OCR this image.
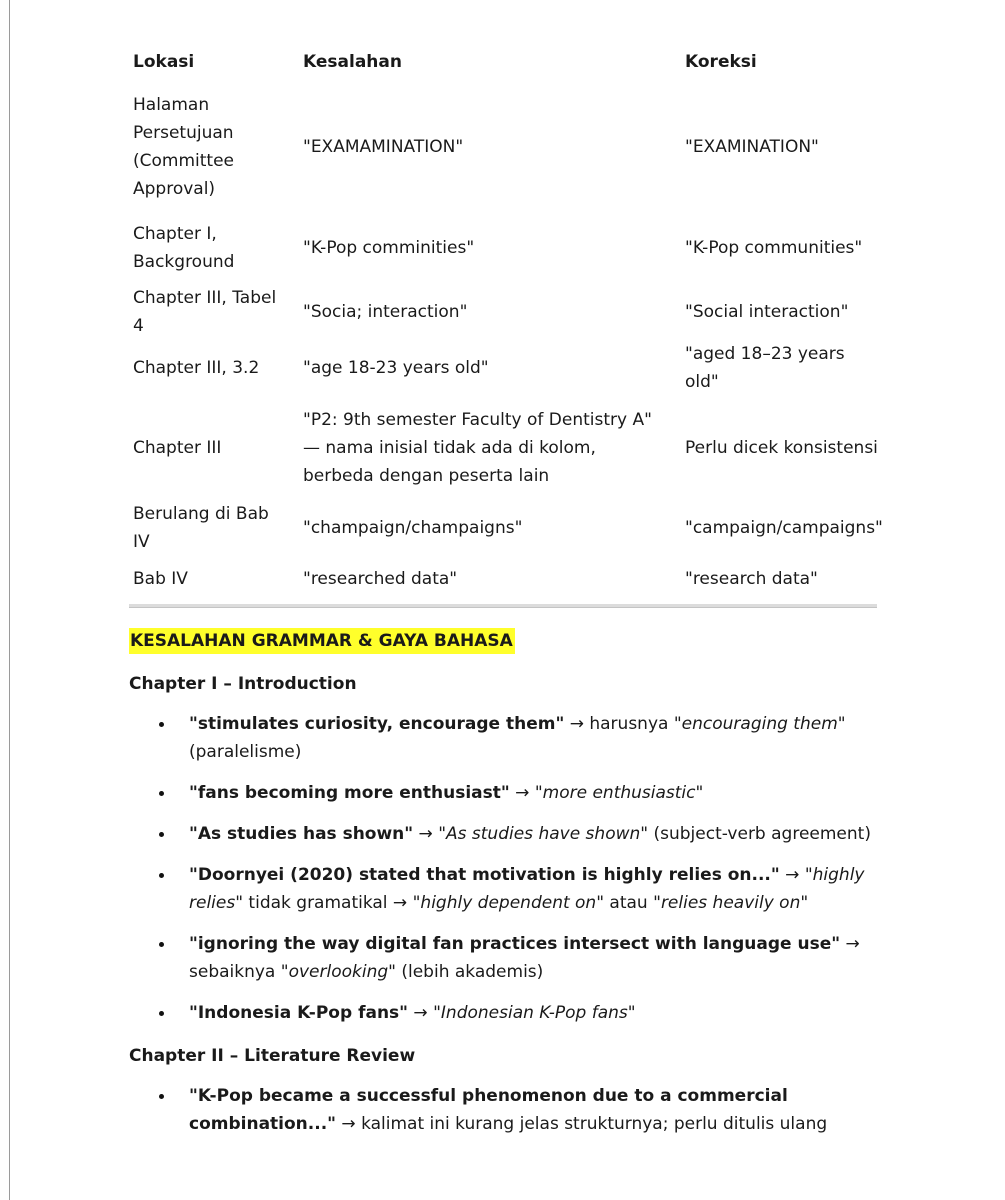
Lokasi	Kesalahan	Koreksi
Halaman Persetujuan (Committee Approval)	"EXAMAMINATION"	"EXAMINATION"
Chapter I, Background	"K-Pop comminities"	"K-Pop communities"
Chapter III, Tabel 4	"Socia; interaction"	"Social interaction"
Chapter III, 3.2	"age 18-23 years old"	"aged 18–23 years old"
Chapter III	"P2: 9th semester Faculty of Dentistry A" — nama inisial tidak ada di kolom, berbeda dengan peserta lain	Perlu dicek konsistensi
Berulang di Bab IV	"champaign/champaigns"	"campaign/campaigns"
Bab IV	"researched data"	"research data"
KESALAHAN GRAMMAR & GAYA BAHASA
Chapter I – Introduction
"stimulates curiosity, encourage them" → harusnya "encouraging them"
(paralelisme)
"fans becoming more enthusiast" → "more enthusiastic"
"As studies has shown" → "As studies have shown" (subject-verb agreement)
"Doornyei (2020) stated that motivation is highly relies on..." → "highly relies" tidak gramatikal → "highly dependent on" atau "relies heavily on"
"ignoring the way digital fan practices intersect with language use" → sebaiknya "overlooking" (lebih akademis)
"Indonesia K-Pop fans" → "Indonesian K-Pop fans"
Chapter II – Literature Review
"K-Pop became a successful phenomenon due to a commercial combination..." → kalimat ini kurang jelas strukturnya; perlu ditulis ulang
